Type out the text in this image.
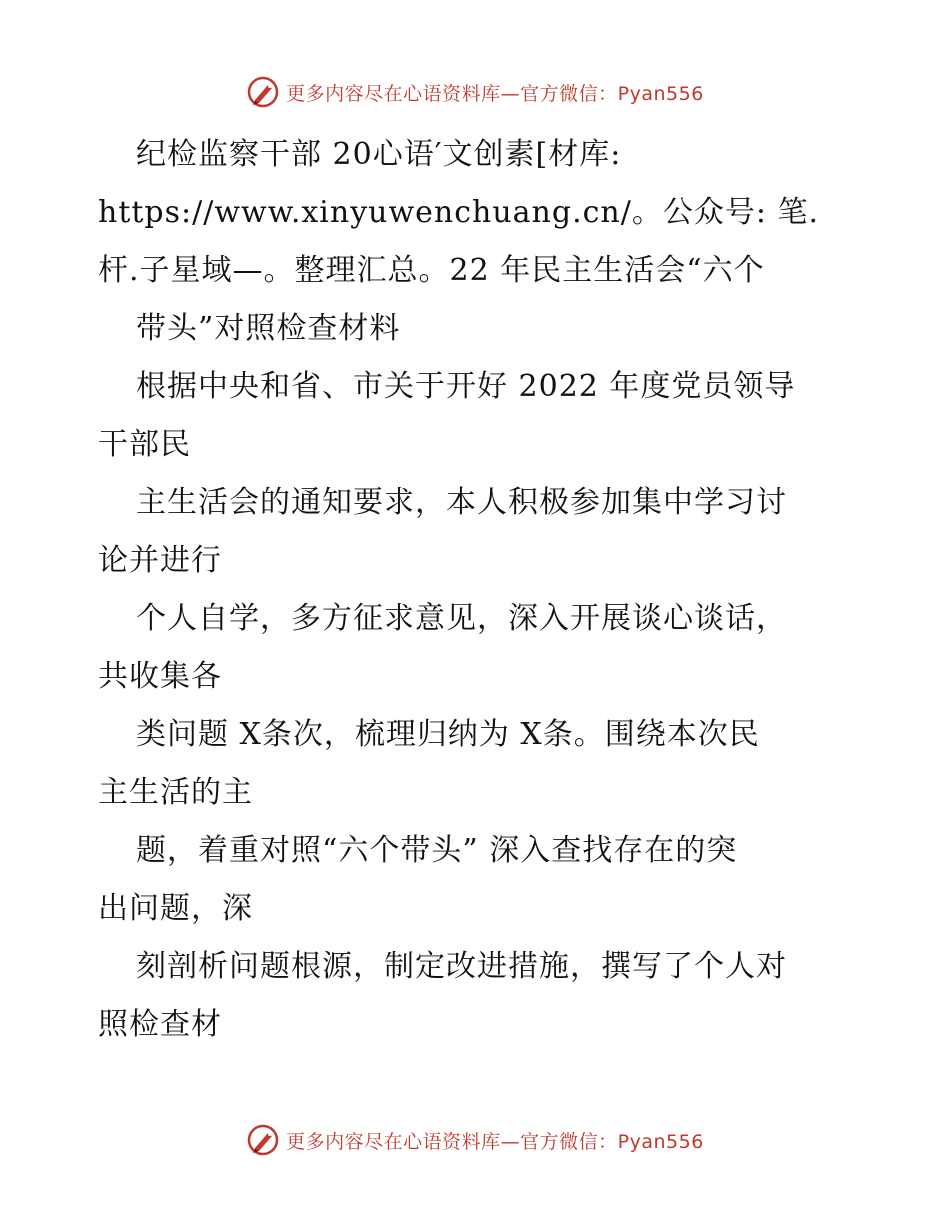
更多内容尽在心语资料库—官方微信：Pyan556
纪检监察干部 20心语′文创素[材库:
https://www.xinyuwenchuang.cn/。公众号: 笔.
杆.子星域—。整理汇总。22 年民主生活会“六个
带头”对照检查材料
根据中央和省、市关于开好 2022 年度党员领导
干部民
主生活会的通知要求，本人积极参加集中学习讨
论并进行
个人自学，多方征求意见，深入开展谈心谈话，
共收集各
类问题 X条次，梳理归纳为 X条。围绕本次民
主生活的主
题，着重对照“六个带头” 深入查找存在的突
出问题，深
刻剖析问题根源，制定改进措施，撰写了个人对
照检查材
更多内容尽在心语资料库—官方微信：Pyan556
